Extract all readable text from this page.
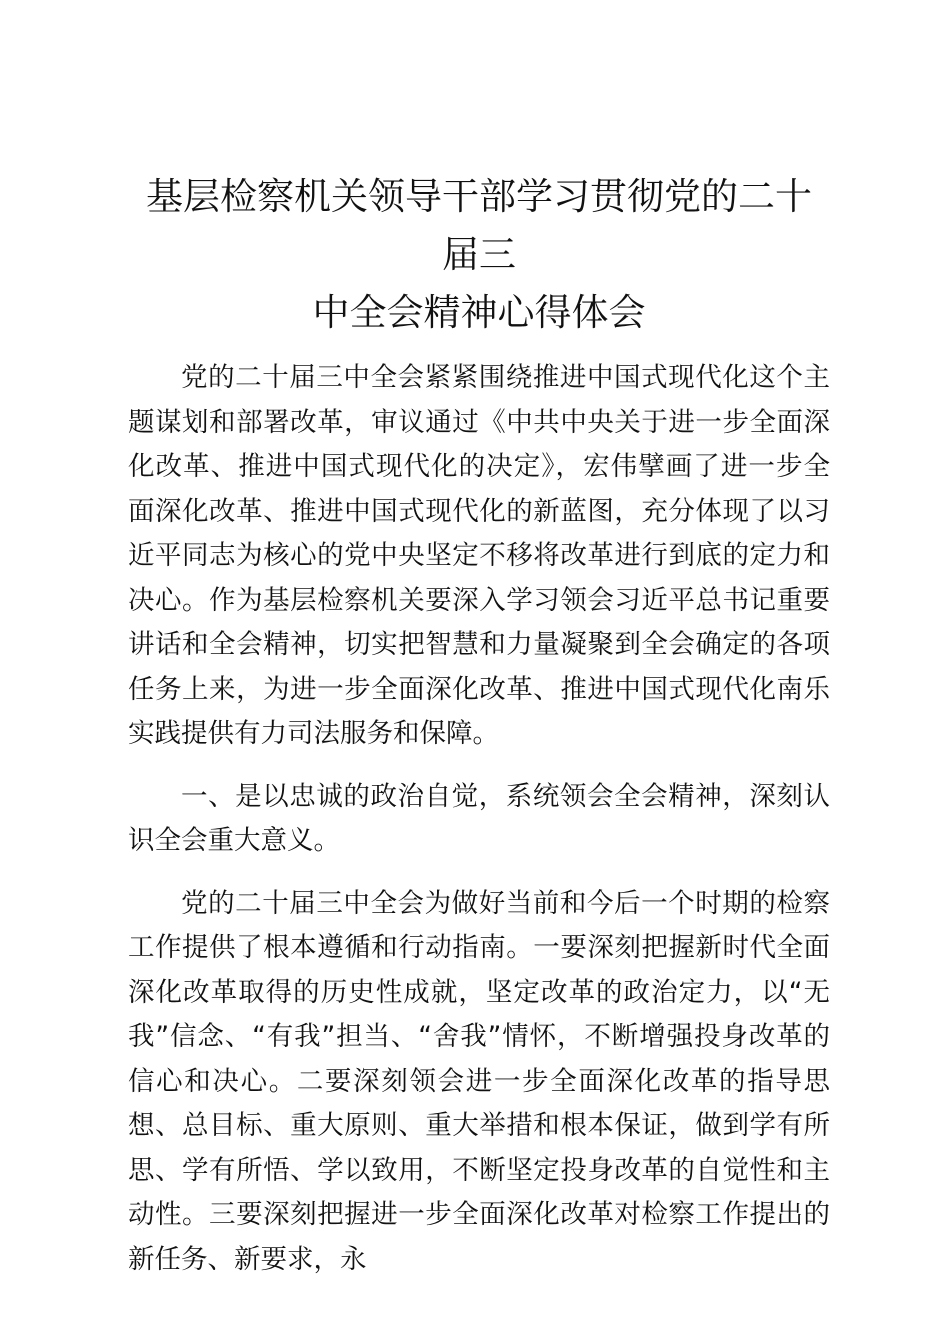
基层检察机关领导干部学习贯彻党的二十届三
中全会精神心得体会

党的二十届三中全会紧紧围绕推进中国式现代化这个主题谋划和部署改革，审议通过《中共中央关于进一步全面深化改革、推进中国式现代化的决定》，宏伟擘画了进一步全面深化改革、推进中国式现代化的新蓝图，充分体现了以习近平同志为核心的党中央坚定不移将改革进行到底的定力和决心。作为基层检察机关要深入学习领会习近平总书记重要讲话和全会精神，切实把智慧和力量凝聚到全会确定的各项任务上来，为进一步全面深化改革、推进中国式现代化南乐实践提供有力司法服务和保障。

一、是以忠诚的政治自觉，系统领会全会精神，深刻认识全会重大意义。

党的二十届三中全会为做好当前和今后一个时期的检察工作提供了根本遵循和行动指南。一要深刻把握新时代全面深化改革取得的历史性成就，坚定改革的政治定力，以“无我”信念、“有我”担当、“舍我”情怀，不断增强投身改革的信心和决心。二要深刻领会进一步全面深化改革的指导思想、总目标、重大原则、重大举措和根本保证，做到学有所思、学有所悟、学以致用，不断坚定投身改革的自觉性和主动性。三要深刻把握进一步全面深化改革对检察工作提出的新任务、新要求，永
